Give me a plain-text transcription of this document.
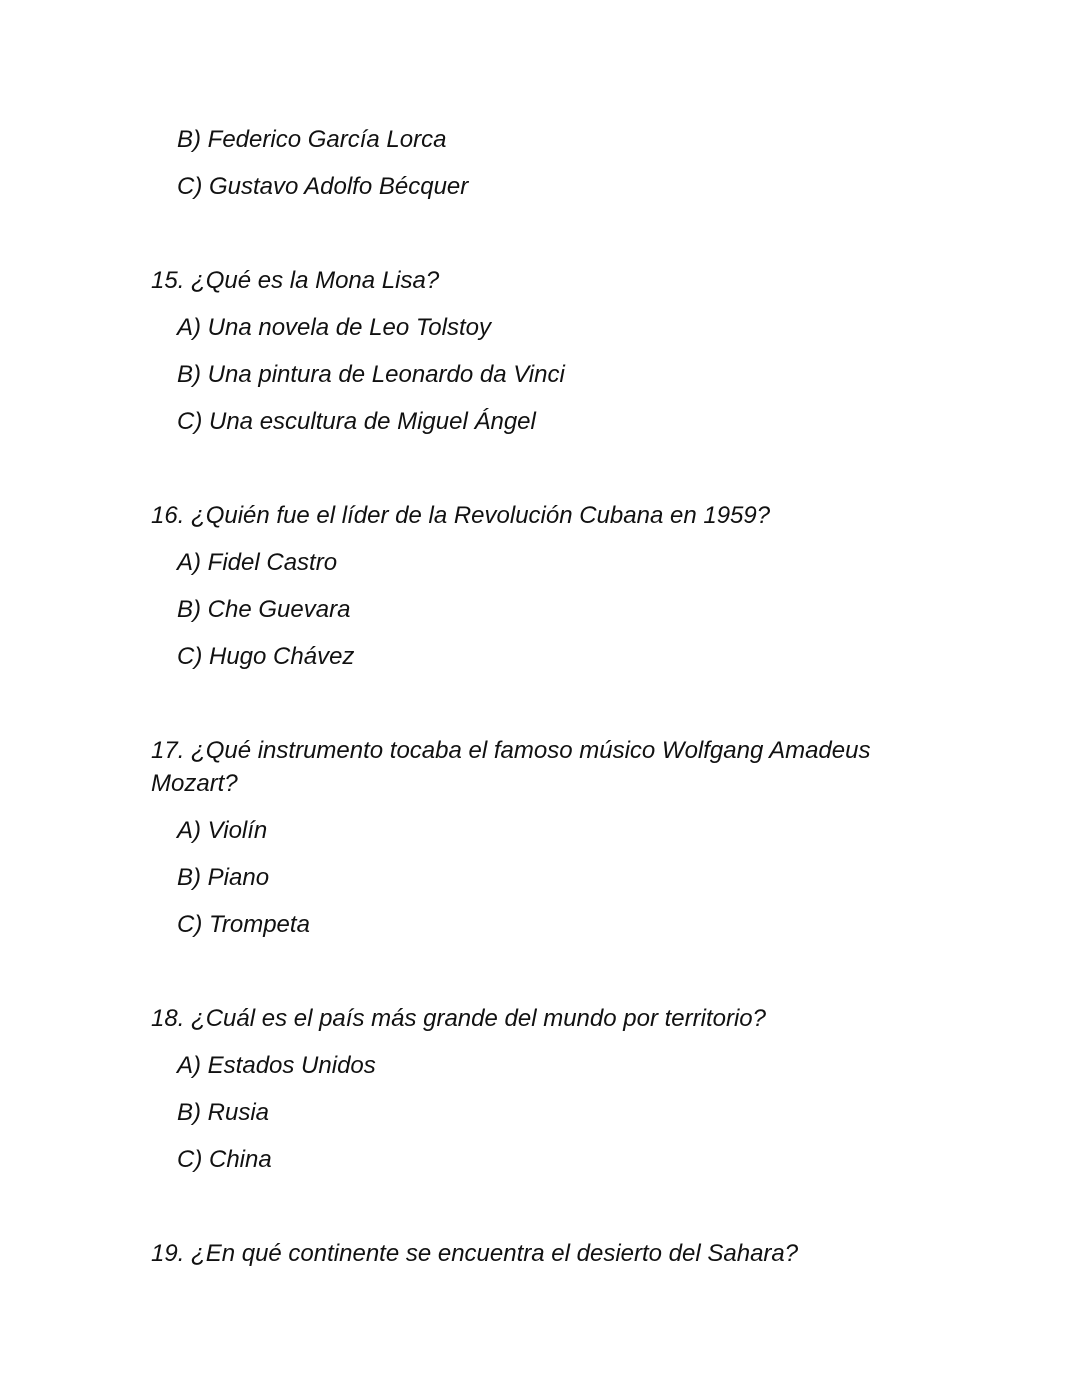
B) Federico García Lorca
C) Gustavo Adolfo Bécquer
15. ¿Qué es la Mona Lisa?
A) Una novela de Leo Tolstoy
B) Una pintura de Leonardo da Vinci
C) Una escultura de Miguel Ángel
16. ¿Quién fue el líder de la Revolución Cubana en 1959?
A) Fidel Castro
B) Che Guevara
C) Hugo Chávez
17. ¿Qué instrumento tocaba el famoso músico Wolfgang Amadeus
Mozart?
A) Violín
B) Piano
C) Trompeta
18. ¿Cuál es el país más grande del mundo por territorio?
A) Estados Unidos
B) Rusia
C) China
19. ¿En qué continente se encuentra el desierto del Sahara?
